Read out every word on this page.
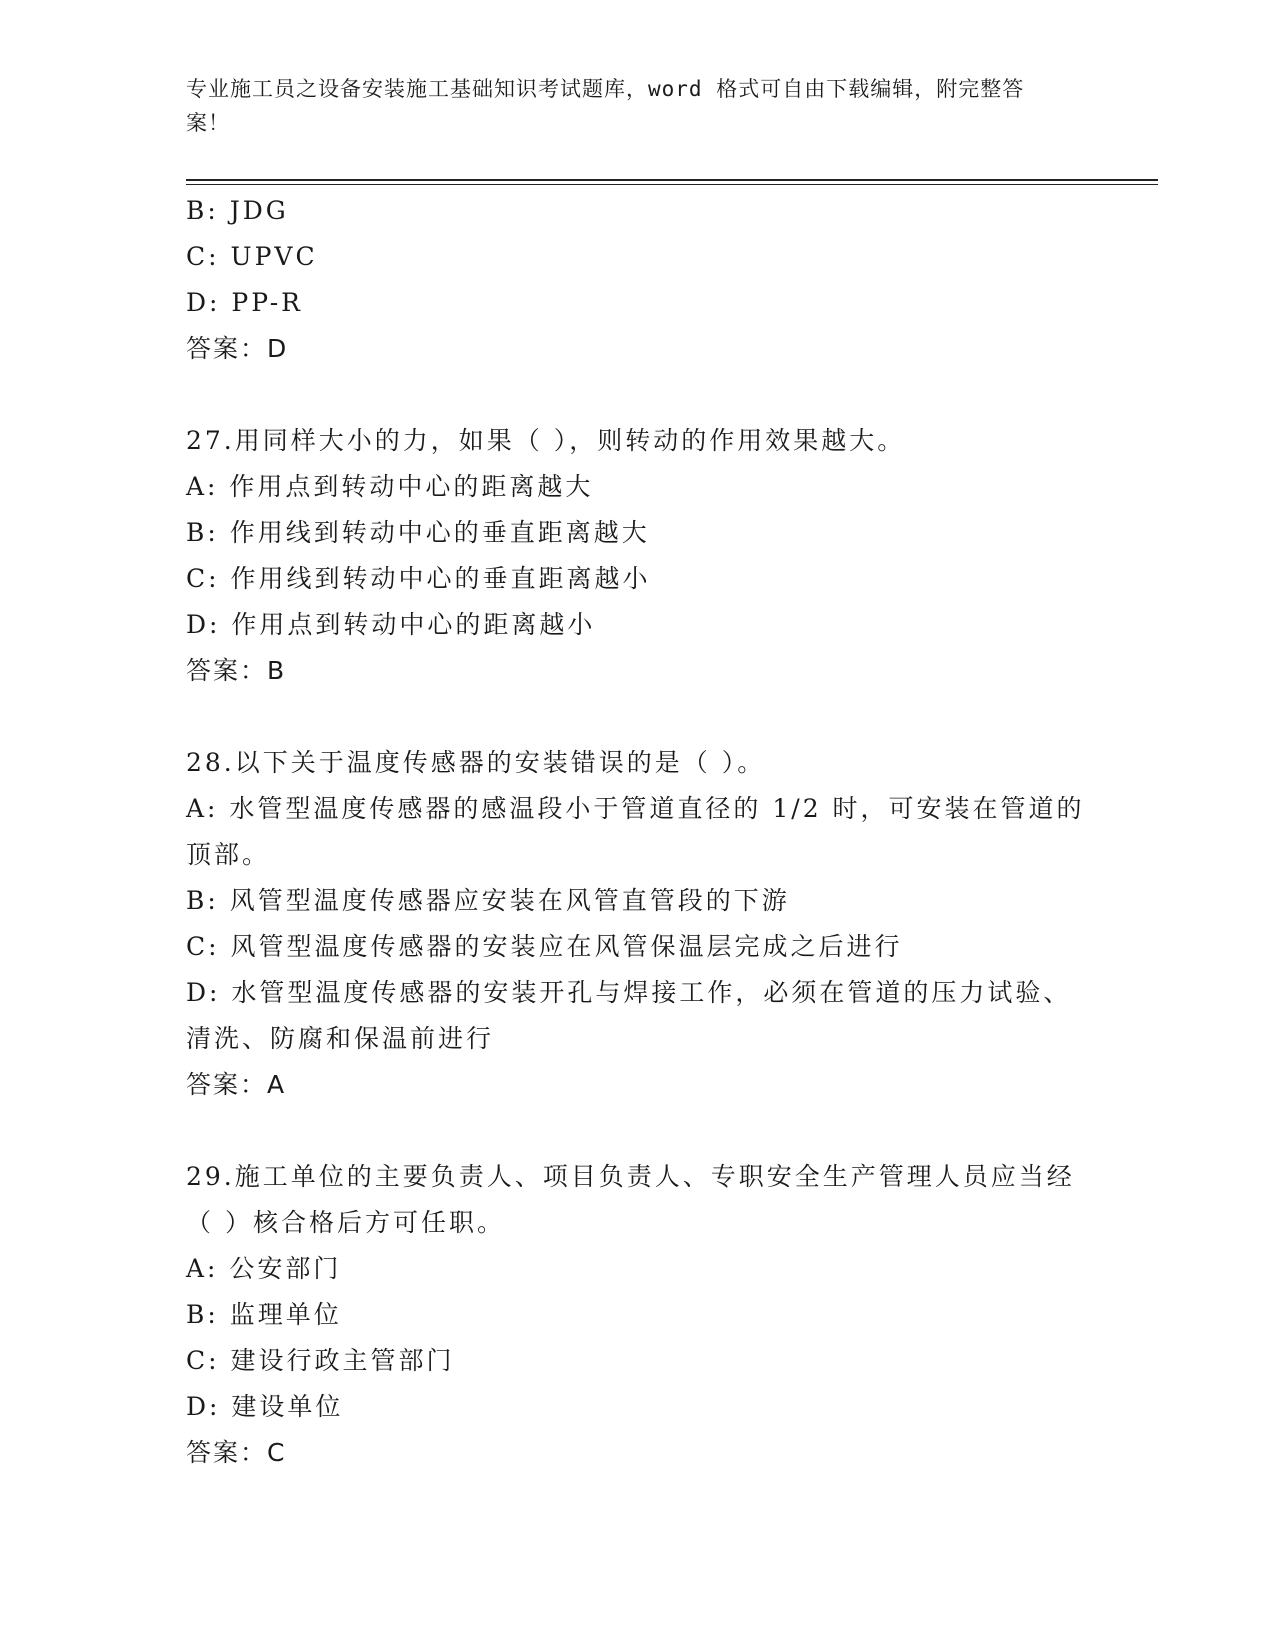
专业施工员之设备安装施工基础知识考试题库，word 格式可自由下载编辑，附完整答案！
B: JDG
C: UPVC
D: PP-R
答案：D
27.用同样大小的力，如果（ ），则转动的作用效果越大。
A: 作用点到转动中心的距离越大
B: 作用线到转动中心的垂直距离越大
C: 作用线到转动中心的垂直距离越小
D: 作用点到转动中心的距离越小
答案：B
28.以下关于温度传感器的安装错误的是（ ）。
A: 水管型温度传感器的感温段小于管道直径的 1/2 时，可安装在管道的顶部。
B: 风管型温度传感器应安装在风管直管段的下游
C: 风管型温度传感器的安装应在风管保温层完成之后进行
D: 水管型温度传感器的安装开孔与焊接工作，必须在管道的压力试验、清洗、防腐和保温前进行
答案：A
29.施工单位的主要负责人、项目负责人、专职安全生产管理人员应当经（ ）核合格后方可任职。
A: 公安部门
B: 监理单位
C: 建设行政主管部门
D: 建设单位
答案：C
